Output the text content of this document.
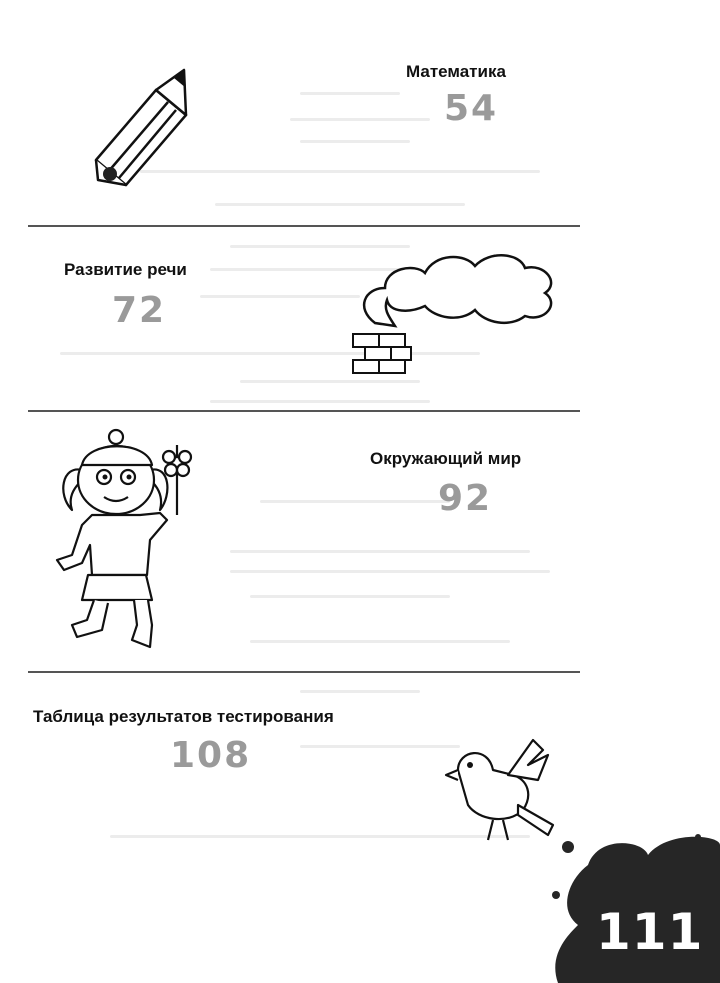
Математика
54
Развитие речи
72
Окружающий мир
92
Таблица результатов тестирования
108
111
